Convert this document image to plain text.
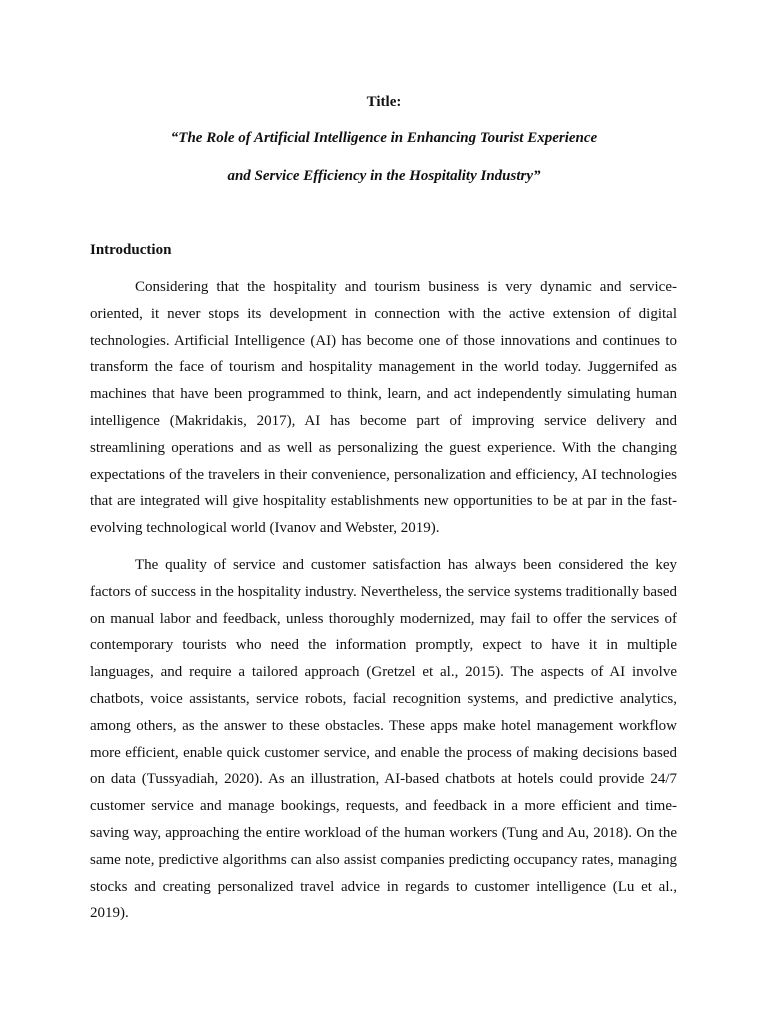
Title:
“The Role of Artificial Intelligence in Enhancing Tourist Experience
and Service Efficiency in the Hospitality Industry”
Introduction

Considering that the hospitality and tourism business is very dynamic and service-oriented, it never stops its development in connection with the active extension of digital technologies. Artificial Intelligence (AI) has become one of those innovations and continues to transform the face of tourism and hospitality management in the world today. Juggernifed as machines that have been programmed to think, learn, and act independently simulating human intelligence (Makridakis, 2017), AI has become part of improving service delivery and streamlining operations and as well as personalizing the guest experience. With the changing expectations of the travelers in their convenience, personalization and efficiency, AI technologies that are integrated will give hospitality establishments new opportunities to be at par in the fast-evolving technological world (Ivanov and Webster, 2019).

The quality of service and customer satisfaction has always been considered the key factors of success in the hospitality industry. Nevertheless, the service systems traditionally based on manual labor and feedback, unless thoroughly modernized, may fail to offer the services of contemporary tourists who need the information promptly, expect to have it in multiple languages, and require a tailored approach (Gretzel et al., 2015). The aspects of AI involve chatbots, voice assistants, service robots, facial recognition systems, and predictive analytics, among others, as the answer to these obstacles. These apps make hotel management workflow more efficient, enable quick customer service, and enable the process of making decisions based on data (Tussyadiah, 2020). As an illustration, AI-based chatbots at hotels could provide 24/7 customer service and manage bookings, requests, and feedback in a more efficient and time-saving way, approaching the entire workload of the human workers (Tung and Au, 2018). On the same note, predictive algorithms can also assist companies predicting occupancy rates, managing stocks and creating personalized travel advice in regards to customer intelligence (Lu et al., 2019).
